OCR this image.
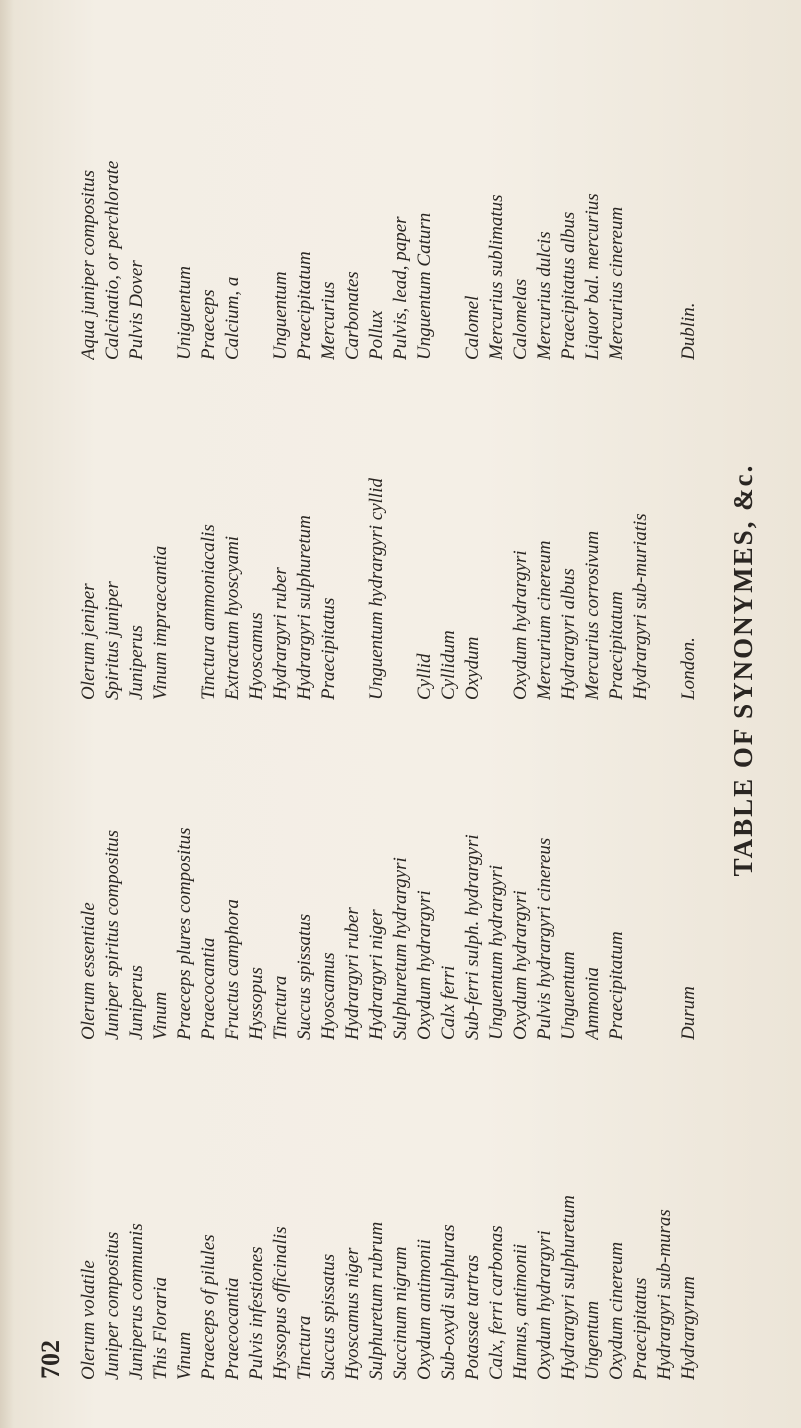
TABLE OF SYNONYMES, &c.
702 Olerum volatile Juniper compositus Juniperus communis This Floraria Vinum Praeceps of pilules Praecocantia Pulvis infestiones Hyssopus officinalis Tinctura Succus spissatus Hyoscamus niger Sulphuretum rubrum Succinum nigrum Oxydum antimonii Sub-oxydi sulphuras Potassae tartras Calx, ferri carbonas Humus, antimonii Oxydum hydrargyri Hydrargyri sulphuretum Ungentum Oxydum cinereum Praecipitatus Hydrargyri sub-muras Hydrargyrum
Olerum essentiale Juniper spiritus compositus Juniperus Vinum Praeceps plures compositus Praecocantia Fructus camphora Hyssopus Tinctura Succus spissatus Hyoscamus Hydrargyri ruber Hydrargyri niger Sulphuretum hydrargyri Oxydum hydrargyri Calx ferri Sub-ferri sulph. hydrargyri Unguentum hydrargyri Oxydum hydrargyri Pulvis hydrargyri cinereus Unguentum Ammonia Praecipitatum	Durum
Olerum jeniper Spiritus juniper Juniperus Vinum impraecantia Tinctura ammoniacalis Extractum hyoscyami Hyoscamus Hydrargyri ruber Hydrargyri sulphuretum Praecipitatus Unguentum hydrargyri cyllid Cyllid Cyllidum Oxydum Oxydum hydrargyri Mercurium cinereum Hydrargyri albus Mercurius corrosivum Praecipitatum Hydrargyri sub-muriatis London.
Aqua juniper compositus Calcinatio, or perchlorate Pulvis Dover Uniguentum Praeceps Calcium, a Unguentum Praecipitatum Mercurius Carbonates Pollux Pulvis, lead, paper Unguentum Caturn Calomel Mercurius sublimatus Calomelas Mercurius dulcis Praecipitatus albus Liquor bal. mercurius Mercurius cinereum	Dublin.
